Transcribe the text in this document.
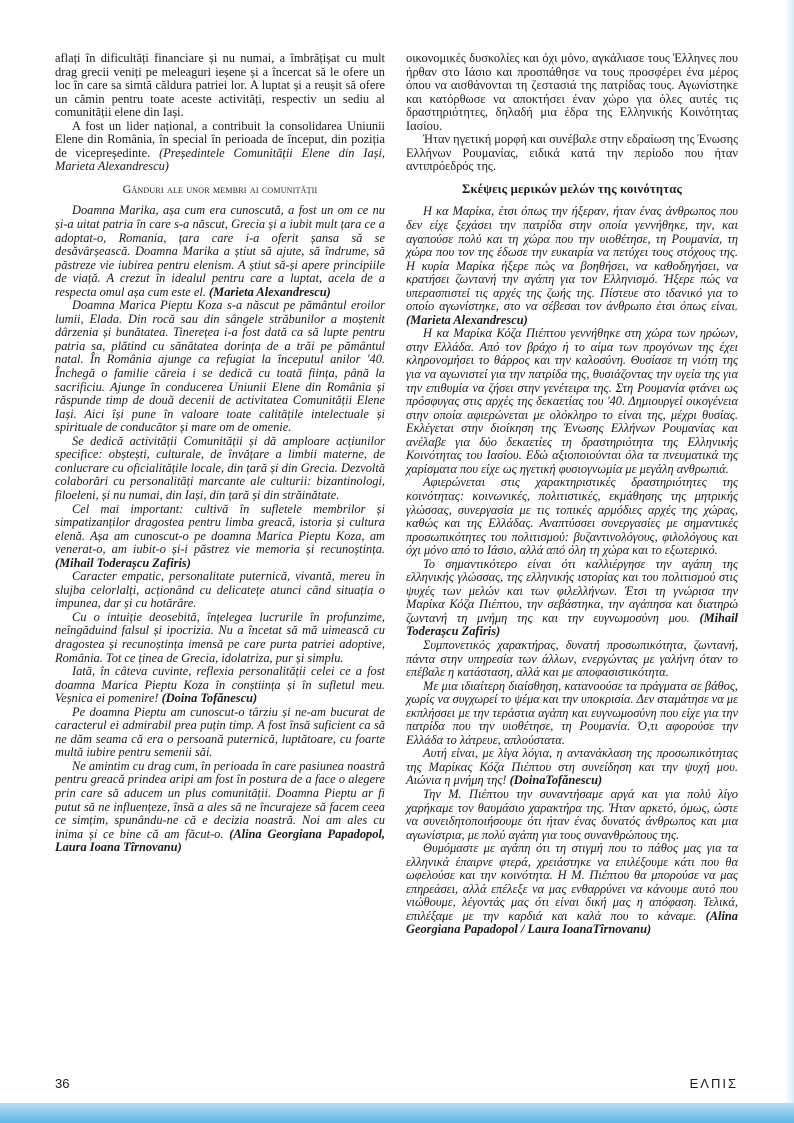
aflați în dificultăți financiare și nu numai, a îmbrățișat cu mult drag grecii veniți pe meleaguri ieșene și a încercat să le ofere un loc în care sa simtă căldura patriei lor. A luptat și a reușit să ofere un cămin pentru toate aceste activități, respectiv un sediu al comunității elene din Iași.

A fost un lider național, a contribuit la consolidarea Uniunii Elene din România, în special în perioada de început, din poziția de vicepreședinte. (Președintele Comunității Elene din Iași, Marieta Alexandrescu)

Gânduri ale unor membri ai comunității

Doamna Marika, așa cum era cunoscută, a fost un om ce nu și-a uitat patria în care s-a născut, Grecia și a iubit mult țara ce a adoptat-o, Romania, țara care i-a oferit șansa să se desăvârșească. Doamna Marika a știut să ajute, să îndrume, să păstreze vie iubirea pentru elenism. A știut să-și apere principiile de viață. A crezut în idealul pentru care a luptat, acela de a respecta omul așa cum este el. (Marieta Alexandrescu)

Doamna Marica Pieptu Koza s-a născut pe pământul eroilor lumii, Elada. Din rocă sau din sângele străbunilor a moștenit dârzenia și bunătatea. Tinerețea i-a fost dată ca să lupte pentru patria sa, plătind cu sănătatea dorința de a trăi pe pământul natal. În România ajunge ca refugiat la începutul anilor '40. Închegă o familie căreia i se dedică cu toată ființa, până la sacrificiu. Ajunge în conducerea Uniunii Elene din România și răspunde timp de două decenii de activitatea Comunității Elene Iași. Aici își pune în valoare toate calitățile intelectuale și spirituale de conducător și mare om de omenie.

Se dedică activității Comunității și dă amploare acțiunilor specifice: obștești, culturale, de învățare a limbii materne, de conlucrare cu oficialitățile locale, din țară și din Grecia. Dezvoltă colaborări cu personalități marcante ale culturii: bizantinologi, filoeleni, și nu numai, din Iași, din țară și din străinătate.

Cel mai important: cultivă în sufletele membrilor și simpatizanților dragostea pentru limba greacă, istoria și cultura elenă. Așa am cunoscut-o pe doamna Marica Pieptu Koza, am venerat-o, am iubit-o și-i păstrez vie memoria și recunoștința. (Mihail Toderașcu Zafiris)

Caracter empatic, personalitate puternică, vivantă, mereu în slujba celorlalți, acționând cu delicatețe atunci când situația o impunea, dar și cu hotărâre.

Cu o intuiție deosebită, înțelegea lucrurile în profunzime, neîngăduind falsul și ipocrizia. Nu a încetat să mă uimească cu dragostea și recunoștința imensă pe care purta patriei adoptive, România. Tot ce ținea de Grecia, idolatriza, pur și simplu.

Iată, în câteva cuvinte, reflexia personalității celei ce a fost doamna Marica Pieptu Koza în conștiința și în sufletul meu. Veșnica ei pomenire! (Doina Tofănescu)

Pe doamna Pieptu am cunoscut-o târziu și ne-am bucurat de caracterul ei admirabil prea puțin timp. A fost însă suficient ca să ne dăm seama că era o persoană puternică, luptătoare, cu foarte multă iubire pentru semenii săi.

Ne amintim cu drag cum, în perioada în care pasiunea noastră pentru greacă prindea aripi am fost în postura de a face o alegere prin care să aducem un plus comunității. Doamna Pieptu ar fi putut să ne influențeze, însă a ales să ne încurajeze să facem ceea ce simțim, spunându-ne că e decizia noastră. Noi am ales cu inima și ce bine că am făcut-o. (Alina Georgiana Papadopol, Laura Ioana Tîrnovanu)

οικονομικές δυσκολίες και όχι μόνο, αγκάλιασε τους Έλληνες που ήρθαν στο Ιάσιο και προσπάθησε να τους προσφέρει ένα μέρος όπου να αισθάνονται τη ζεστασιά της πατρίδας τους. Αγωνίστηκε και κατόρθωσε να αποκτήσει έναν χώρο για όλες αυτές τις δραστηριότητες, δηλαδή μια έδρα της Ελληνικής Κοινότητας Ιασίου.

Ήταν ηγετική μορφή και συνέβαλε στην εδραίωση της Ένωσης Ελλήνων Ρουμανίας, ειδικά κατά την περίοδο που ήταν αντιπρόεδρός της.

Σκέψεις μερικών μελών της κοινότητας

Η κα Μαρίκα, έτσι όπως την ήξεραν, ήταν ένας άνθρωπος που δεν είχε ξεχάσει την πατρίδα στην οποία γεννήθηκε, την, και αγαπούσε πολύ και τη χώρα που την υιοθέτησε, τη Ρουμανία, τη χώρα που τον της έδωσε την ευκαιρία να πετύχει τους στόχους της. Η κυρία Μαρίκα ήξερε πώς να βοηθήσει, να καθοδηγήσει, να κρατήσει ζωντανή την αγάπη για τον Ελληνισμό. Ήξερε πώς να υπερασπιστεί τις αρχές της ζωής της. Πίστευε στο ιδανικό για το οποίο αγωνίστηκε, στο να σέβεσαι τον άνθρωπο έτσι όπως είναι. (Marieta Alexandrescu)

Η κα Μαρίκα Κόζα Πιέπτου γεννήθηκε στη χώρα των ηρώων, στην Ελλάδα. Από τον βράχο ή το αίμα των προγόνων της έχει κληρονομήσει το θάρρος και την καλοσύνη. Θυσίασε τη νιότη της για να αγωνιστεί για την πατρίδα της, θυσιάζοντας την υγεία της για την επιθυμία να ζήσει στην γενέτειρα της. Στη Ρουμανία φτάνει ως πρόσφυγας στις αρχές της δεκαετίας του '40. Δημιουργεί οικογένεια στην οποία αφιερώνεται με ολόκληρο το είναι της, μέχρι θυσίας. Εκλέγεται στην διοίκηση της Ένωσης Ελλήνων Ρουμανίας και ανέλαβε για δύο δεκαετίες τη δραστηριότητα της Ελληνικής Κοινότητας του Ιασίου. Εδώ αξιοποιούνται όλα τα πνευματικά της χαρίσματα που είχε ως ηγετική φυσιογνωμία με μεγάλη ανθρωπιά.

Αφιερώνεται στις χαρακτηριστικές δραστηριότητες της κοινότητας: κοινωνικές, πολιτιστικές, εκμάθησης της μητρικής γλώσσας, συνεργασία με τις τοπικές αρμόδιες αρχές της χώρας, καθώς και της Ελλάδας. Αναπτύσσει συνεργασίες με σημαντικές προσωπικότητες του πολιτισμού: βυζαντινολόγους, φιλολόγους και όχι μόνο από το Ιάσιο, αλλά από όλη τη χώρα και το εξωτερικό.

Το σημαντικότερο είναι ότι καλλιέργησε την αγάπη της ελληνικής γλώσσας, της ελληνικής ιστορίας και του πολιτισμού στις ψυχές των μελών και των φιλελλήνων. Έτσι τη γνώρισα την Μαρίκα Κόζα Πιέπτου, την σεβάστηκα, την αγάπησα και διατηρώ ζωντανή τη μνήμη της και την ευγνωμοσύνη μου. (Mihail Toderașcu Zafiris)

Συμπονετικός χαρακτήρας, δυνατή προσωπικότητα, ζωντανή, πάντα στην υπηρεσία των άλλων, ενεργώντας με γαλήνη όταν το επέβαλε η κατάσταση, αλλά και με αποφασιστικότητα.

Με μια ιδιαίτερη διαίσθηση, κατανοούσε τα πράγματα σε βάθος, χωρίς να συγχωρεί το ψέμα και την υποκρισία. Δεν σταμάτησε να με εκπλήσσει με την τεράστια αγάπη και ευγνωμοσύνη που είχε για την πατρίδα που την υιοθέτησε, τη Ρουμανία. Ό,τι αφορούσε την Ελλάδα το λάτρευε, απλούστατα.

Αυτή είναι, με λίγα λόγια, η αντανάκλαση της προσωπικότητας της Μαρίκας Κόζα Πιέπτου στη συνείδηση και την ψυχή μου. Αιώνια η μνήμη της! (DoinaTofănescu)

Την Μ. Πιέπτου την συναντήσαμε αργά και για πολύ λίγο χαρήκαμε τον θαυμάσιο χαρακτήρα της. Ήταν αρκετό, όμως, ώστε να συνειδητοποιήσουμε ότι ήταν ένας δυνατός άνθρωπος και μια αγωνίστρια, με πολύ αγάπη για τους συνανθρώπους της.

Θυμόμαστε με αγάπη ότι τη στιγμή που το πάθος μας για τα ελληνικά έπαιρνε φτερά, χρειάστηκε να επιλέξουμε κάτι που θα ωφελούσε και την κοινότητα. Η Μ. Πιέπτου θα μπορούσε να μας επηρεάσει, αλλά επέλεξε να μας ενθαρρύνει να κάνουμε αυτό που νιώθουμε, λέγοντάς μας ότι είναι δική μας η απόφαση. Τελικά, επιλέξαμε με την καρδιά και καλά που το κάναμε. (Alina Georgiana Papadopol / Laura IoanaTîrnovanu)

36	ΕΛΠΙΣ
